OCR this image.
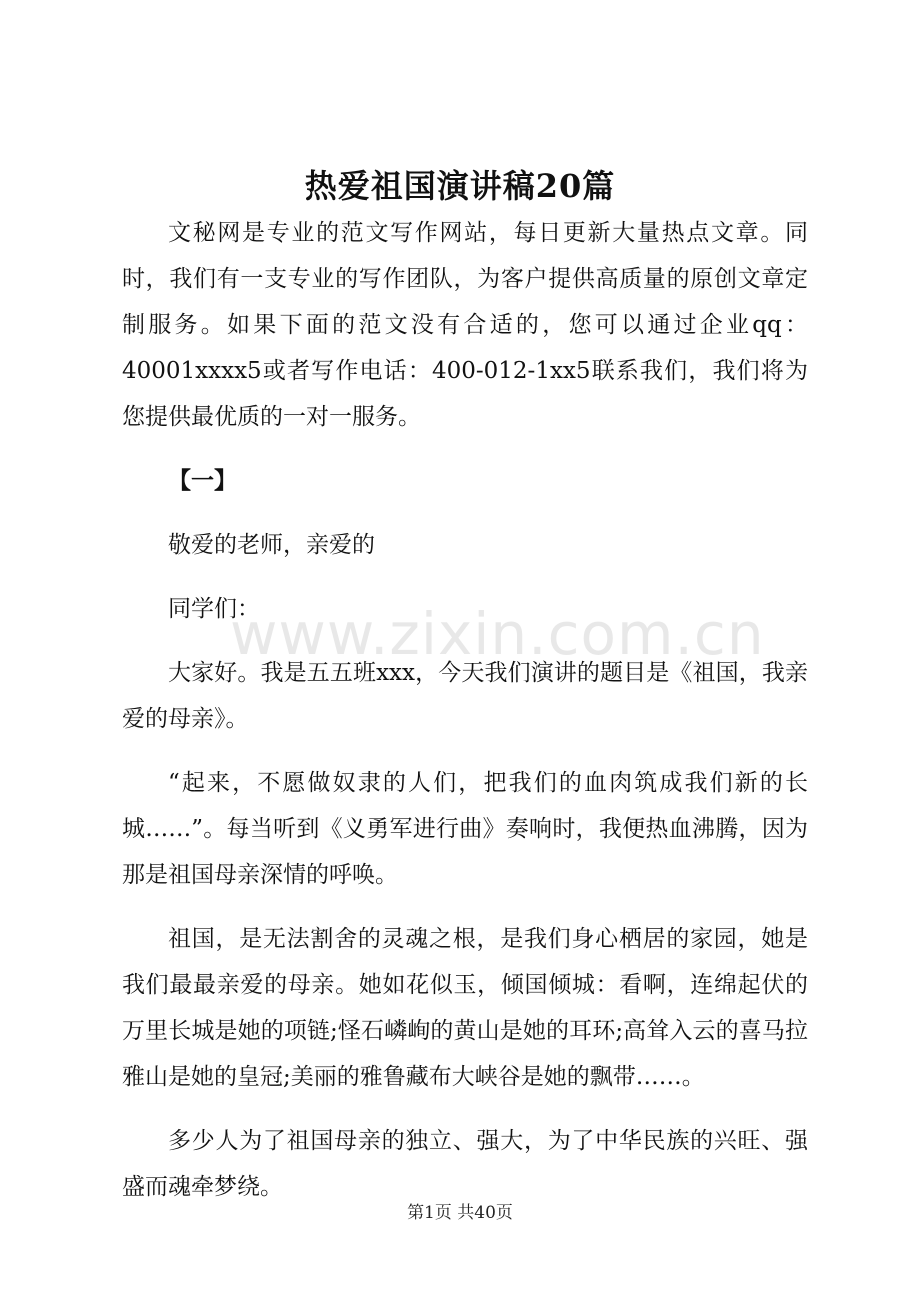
热爱祖国演讲稿20篇

文秘网是专业的范文写作网站，每日更新大量热点文章。同时，我们有一支专业的写作团队，为客户提供高质量的原创文章定制服务。如果下面的范文没有合适的，您可以通过企业qq：40001xxxx5或者写作电话：400-012-1xx5联系我们，我们将为您提供最优质的一对一服务。

【一】

敬爱的老师，亲爱的

同学们：

大家好。我是五五班xxx，今天我们演讲的题目是《祖国，我亲爱的母亲》。

“起来，不愿做奴隶的人们，把我们的血肉筑成我们新的长城……”。每当听到《义勇军进行曲》奏响时，我便热血沸腾，因为那是祖国母亲深情的呼唤。

祖国，是无法割舍的灵魂之根，是我们身心栖居的家园，她是我们最最亲爱的母亲。她如花似玉，倾国倾城：看啊，连绵起伏的万里长城是她的项链;怪石嶙峋的黄山是她的耳环;高耸入云的喜马拉雅山是她的皇冠;美丽的雅鲁藏布大峡谷是她的飘带……。

多少人为了祖国母亲的独立、强大，为了中华民族的兴旺、强盛而魂牵梦绕。

www.zixin.com.cn
第1页 共40页
